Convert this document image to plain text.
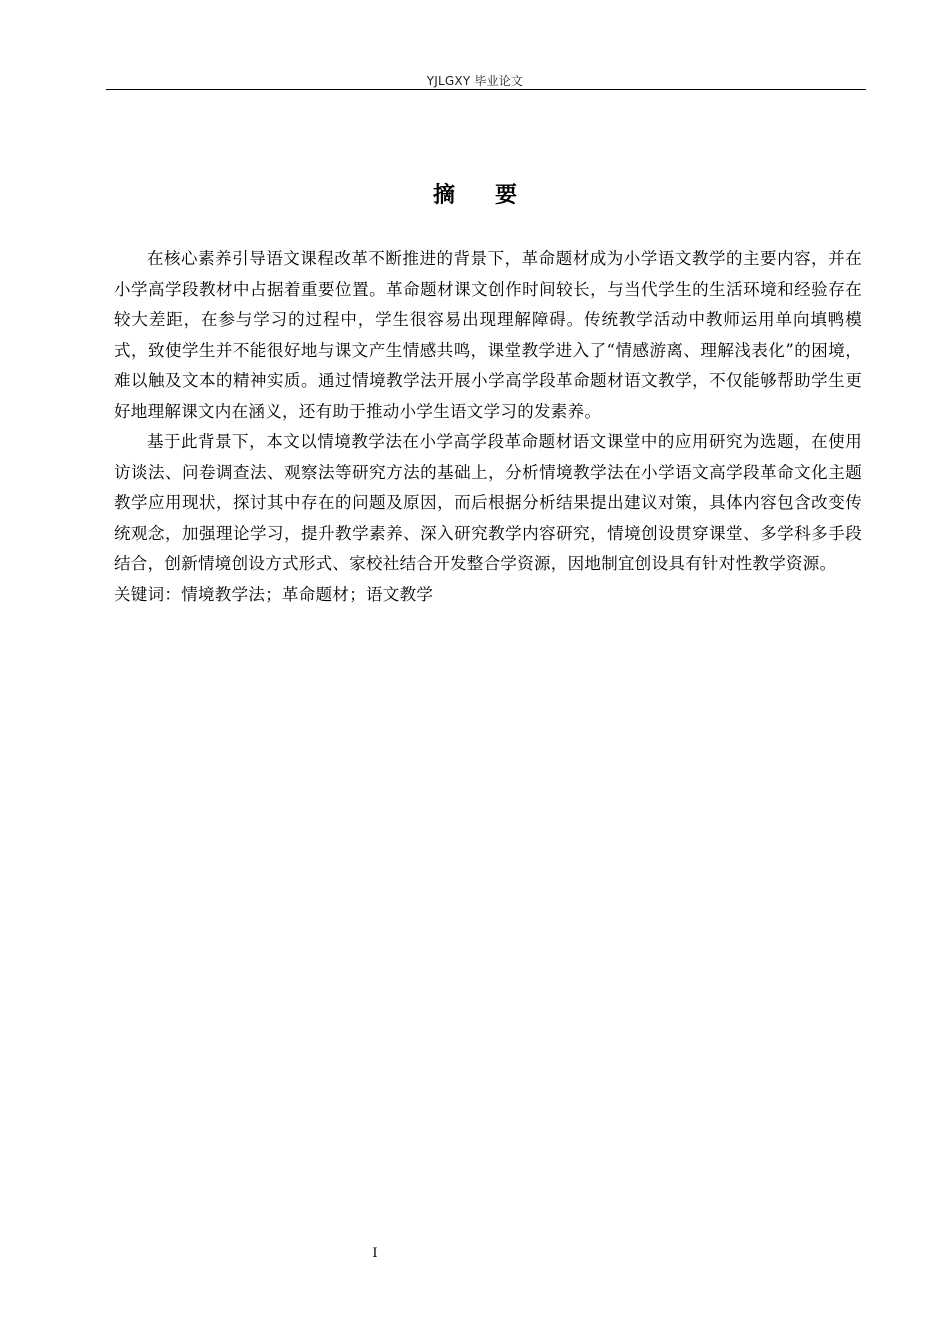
YJLGXY 毕业论文
摘要

在核心素养引导语文课程改革不断推进的背景下，革命题材成为小学语文教学的主要内容，并在小学高学段教材中占据着重要位置。革命题材课文创作时间较长，与当代学生的生活环境和经验存在较大差距，在参与学习的过程中，学生很容易出现理解障碍。传统教学活动中教师运用单向填鸭模式，致使学生并不能很好地与课文产生情感共鸣，课堂教学进入了“情感游离、理解浅表化”的困境，难以触及文本的精神实质。通过情境教学法开展小学高学段革命题材语文教学，不仅能够帮助学生更好地理解课文内在涵义，还有助于推动小学生语文学习的发素养。

基于此背景下，本文以情境教学法在小学高学段革命题材语文课堂中的应用研究为选题，在使用访谈法、问卷调查法、观察法等研究方法的基础上，分析情境教学法在小学语文高学段革命文化主题教学应用现状，探讨其中存在的问题及原因，而后根据分析结果提出建议对策，具体内容包含改变传统观念，加强理论学习，提升教学素养、深入研究教学内容研究，情境创设贯穿课堂、多学科多手段结合，创新情境创设方式形式、家校社结合开发整合学资源，因地制宜创设具有针对性教学资源。

关键词：情境教学法；革命题材；语文教学

I
